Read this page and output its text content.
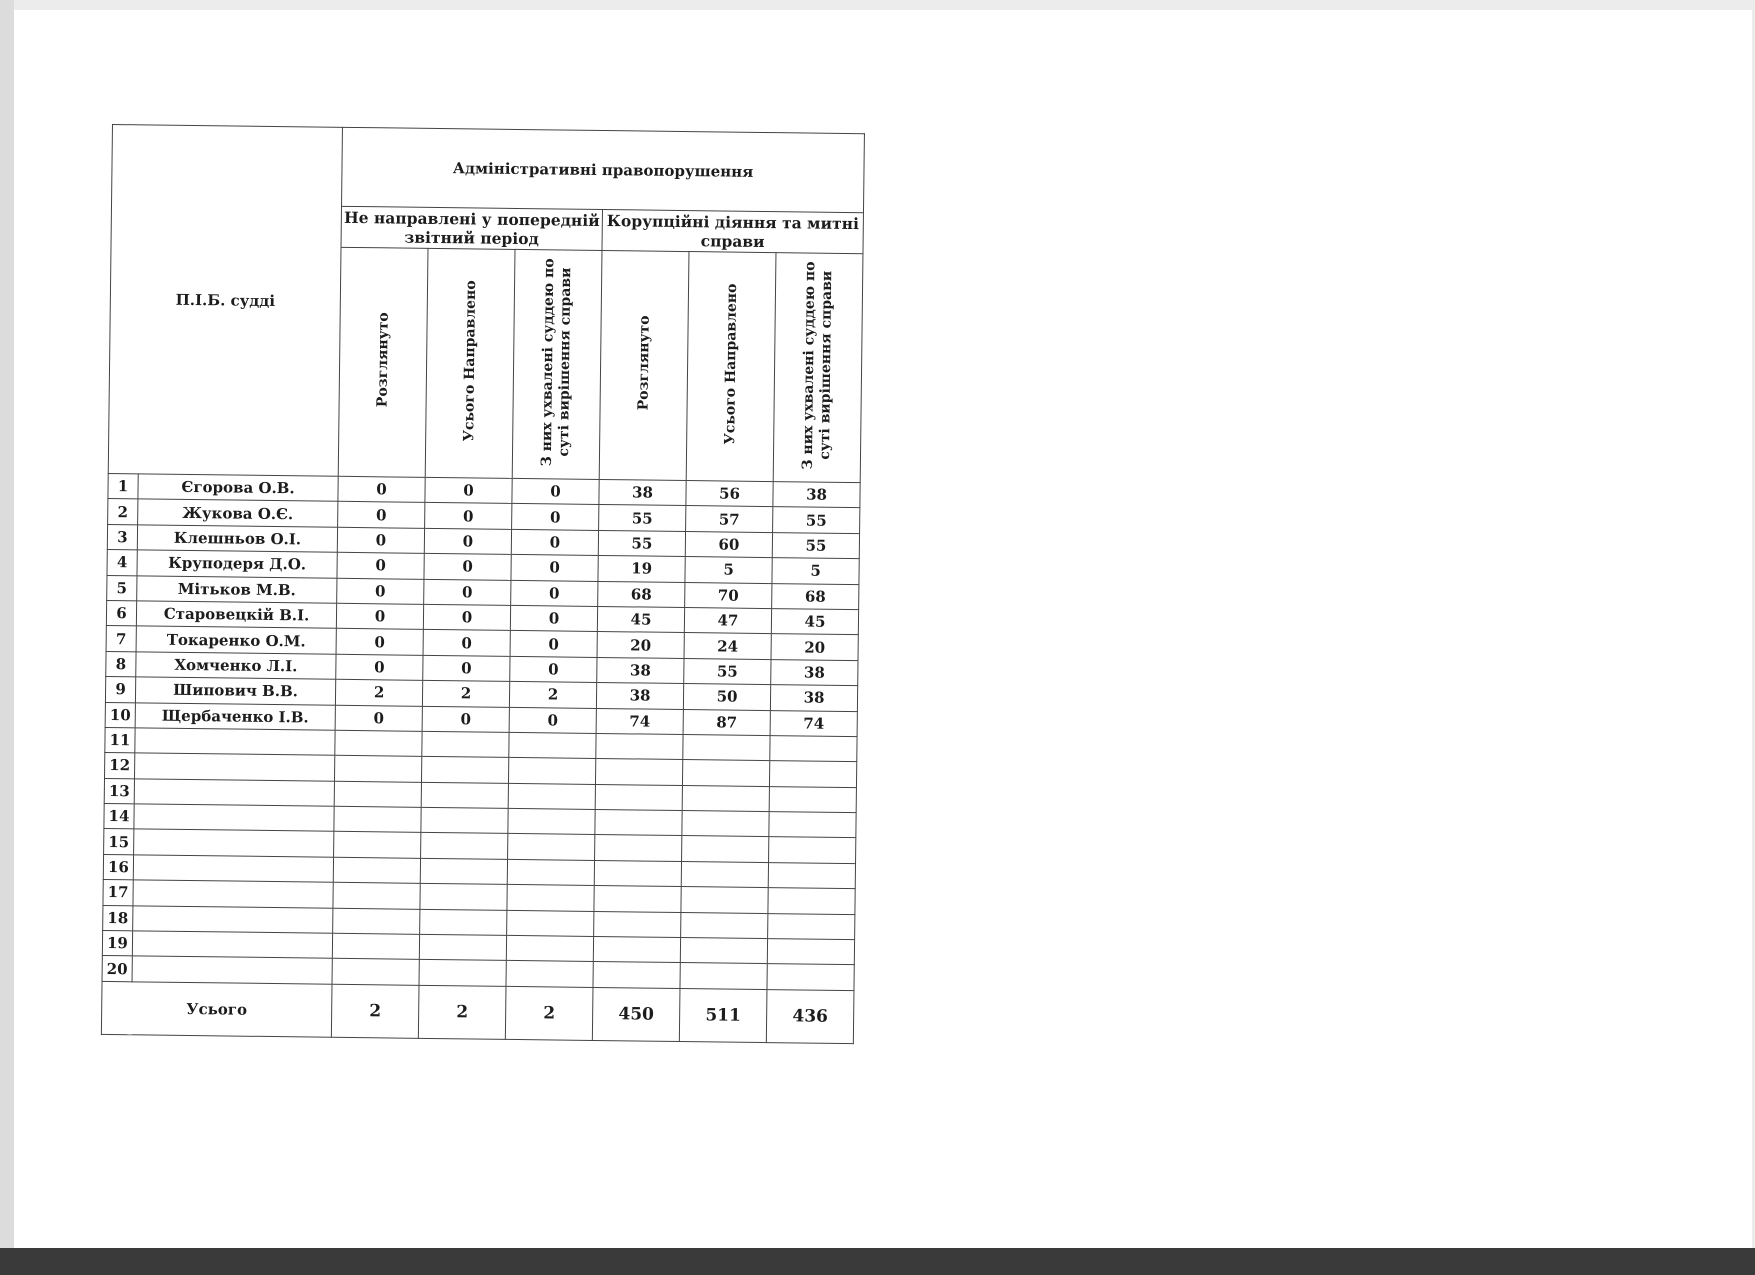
П.І.Б. судді		Адміністративні правопорушення					
		Не направлені у попередній звітний період			Корупційні діяння та митні справи		
		Розглянуто	Усього Направлено	З них ухвалені суддею по суті вирішення справи	Розглянуто	Усього Направлено	З них ухвалені суддею по суті вирішення справи
1	Єгорова О.В.	0	0	0	38	56	38
2	Жукова О.Є.	0	0	0	55	57	55
3	Клешньов О.І.	0	0	0	55	60	55
4	Круподеря Д.О.	0	0	0	19	5	5
5	Мітьков М.В.	0	0	0	68	70	68
6	Старовецкій В.І.	0	0	0	45	47	45
7	Токаренко О.М.	0	0	0	20	24	20
8	Хомченко Л.І.	0	0	0	38	55	38
9	Шипович В.В.	2	2	2	38	50	38
10	Щербаченко І.В.	0	0	0	74	87	74
11							
12							
13							
14							
15							
16							
17							
18							
19							
20							
Усього		2	2	2	450	511	436
